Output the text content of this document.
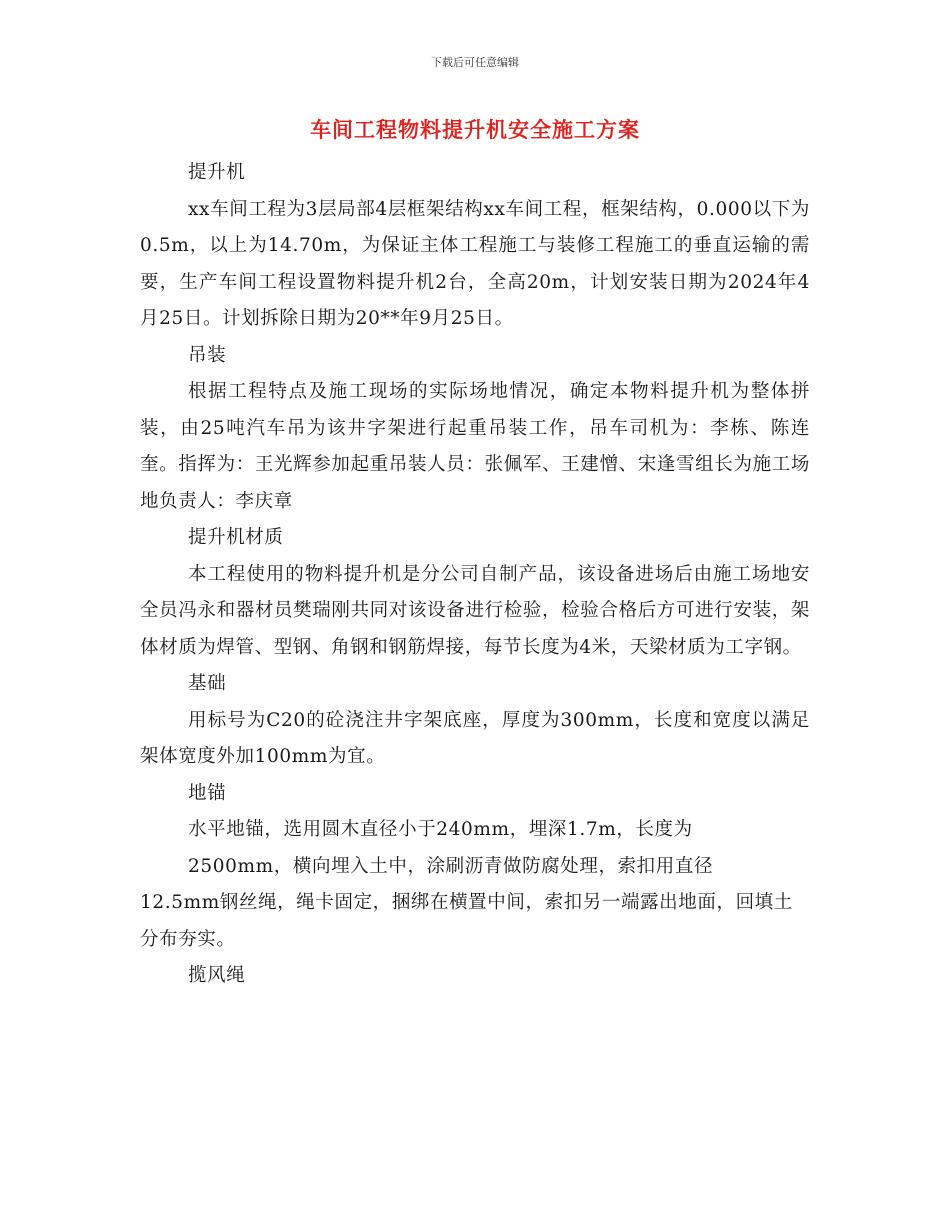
下载后可任意编辑
车间工程物料提升机安全施工方案

提升机

xx车间工程为3层局部4层框架结构xx车间工程，框架结构，0.000以下为0.5m，以上为14.70m，为保证主体工程施工与装修工程施工的垂直运输的需要，生产车间工程设置物料提升机2台，全高20m，计划安装日期为2024年4月25日。计划拆除日期为20**年9月25日。

吊装

根据工程特点及施工现场的实际场地情况，确定本物料提升机为整体拼装，由25吨汽车吊为该井字架进行起重吊装工作，吊车司机为：李栋、陈连奎。指挥为：王光辉参加起重吊装人员：张佩军、王建憎、宋逢雪组长为施工场地负责人：李庆章

提升机材质

本工程使用的物料提升机是分公司自制产品，该设备进场后由施工场地安全员冯永和器材员樊瑞刚共同对该设备进行检验，检验合格后方可进行安装，架体材质为焊管、型钢、角钢和钢筋焊接，每节长度为4米，天梁材质为工字钢。

基础

用标号为C20的砼浇注井字架底座，厚度为300mm，长度和宽度以满足架体宽度外加100mm为宜。

地锚

水平地锚，选用圆木直径小于240mm，埋深1.7m，长度为
2500mm，横向埋入土中，涂刷沥青做防腐处理，索扣用直径
12.5mm钢丝绳，绳卡固定，捆绑在横置中间，索扣另一端露出地面，回填土分布夯实。

揽风绳
